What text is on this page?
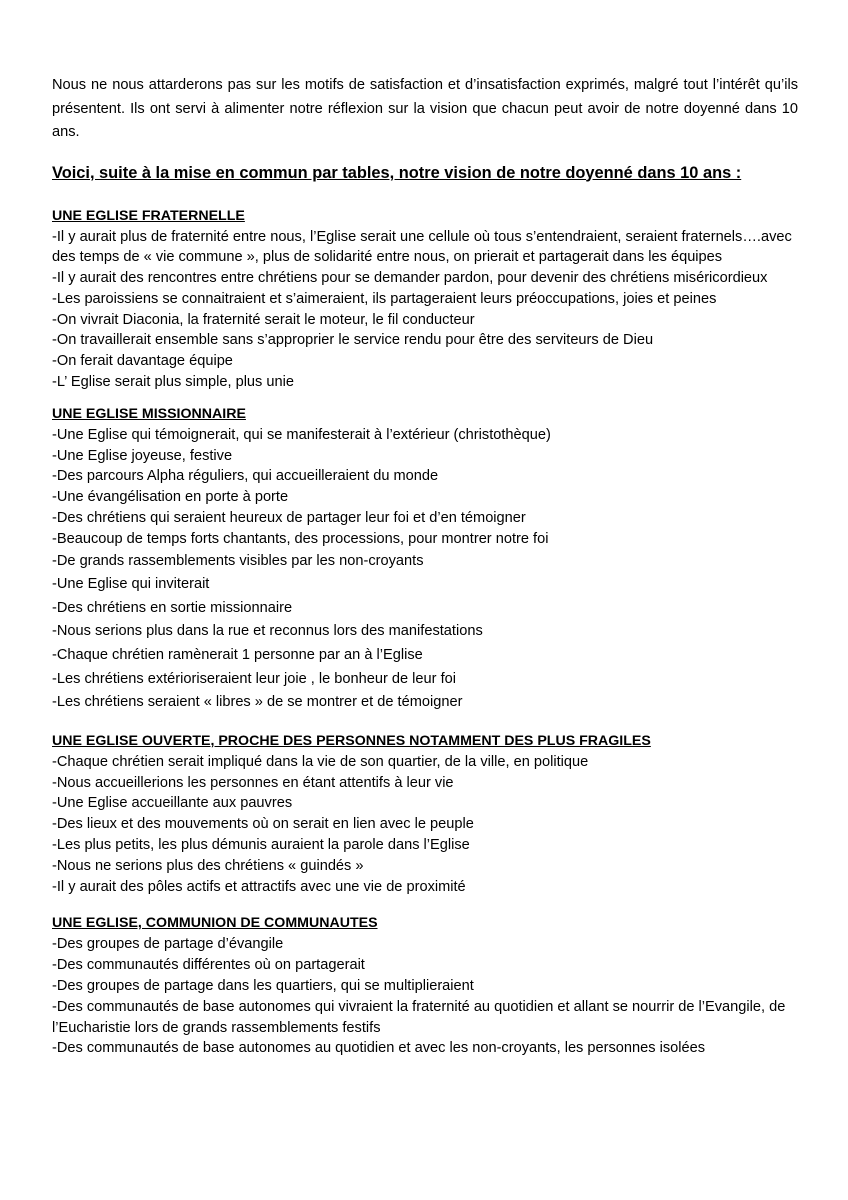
Nous ne nous attarderons pas sur les motifs de satisfaction et d’insatisfaction exprimés, malgré tout l’intérêt qu’ils présentent. Ils ont servi à alimenter notre réflexion sur la vision que chacun peut avoir de notre doyenné dans 10 ans.

Voici, suite à la mise en commun par tables, notre vision de notre doyenné dans 10 ans :

UNE EGLISE FRATERNELLE

-Il y aurait plus de fraternité entre nous, l’Eglise serait une cellule où tous s’entendraient, seraient fraternels….avec des temps de « vie commune », plus de solidarité entre nous, on prierait et partagerait dans les équipes

-Il y aurait des rencontres entre chrétiens pour se demander pardon, pour devenir des chrétiens miséricordieux

-Les paroissiens se connaitraient et s’aimeraient, ils partageraient leurs préoccupations, joies et peines

-On vivrait Diaconia, la fraternité serait le moteur, le fil conducteur

-On travaillerait ensemble sans s’approprier le service rendu pour être des serviteurs de Dieu

-On ferait davantage équipe

-L’ Eglise serait plus simple, plus unie

UNE EGLISE MISSIONNAIRE

-Une Eglise qui témoignerait, qui se manifesterait à l’extérieur (christothèque)

-Une Eglise joyeuse, festive

-Des parcours Alpha réguliers, qui accueilleraient du monde

-Une évangélisation en porte à porte

-Des chrétiens qui seraient heureux de partager leur foi et d’en témoigner

-Beaucoup de temps forts chantants, des processions, pour montrer notre foi

-De grands rassemblements visibles par les non-croyants

-Une Eglise qui inviterait

-Des chrétiens en sortie missionnaire

-Nous serions plus dans la rue et reconnus lors des manifestations

-Chaque chrétien ramènerait 1 personne par an à l’Eglise

-Les chrétiens extérioriseraient leur joie , le bonheur de leur foi

-Les chrétiens seraient « libres » de se montrer et de témoigner

UNE EGLISE OUVERTE, PROCHE DES PERSONNES NOTAMMENT DES PLUS FRAGILES

-Chaque chrétien serait impliqué dans la vie de son quartier, de la ville, en politique

-Nous accueillerions les personnes en étant attentifs à leur vie

-Une Eglise accueillante aux pauvres

-Des lieux et des mouvements où on serait en lien avec le peuple

-Les plus petits, les plus démunis auraient la parole dans l’Eglise

-Nous ne serions plus des chrétiens « guindés »

-Il y aurait des pôles actifs et attractifs avec une vie de proximité

UNE EGLISE, COMMUNION DE COMMUNAUTES

-Des groupes de partage d’évangile

-Des communautés différentes où on partagerait

-Des groupes de partage dans les quartiers, qui se multiplieraient

-Des communautés de base autonomes qui vivraient la fraternité au quotidien et allant se nourrir de l’Evangile, de l’Eucharistie lors de grands rassemblements festifs

-Des communautés de base autonomes au quotidien et avec les non-croyants, les personnes isolées
